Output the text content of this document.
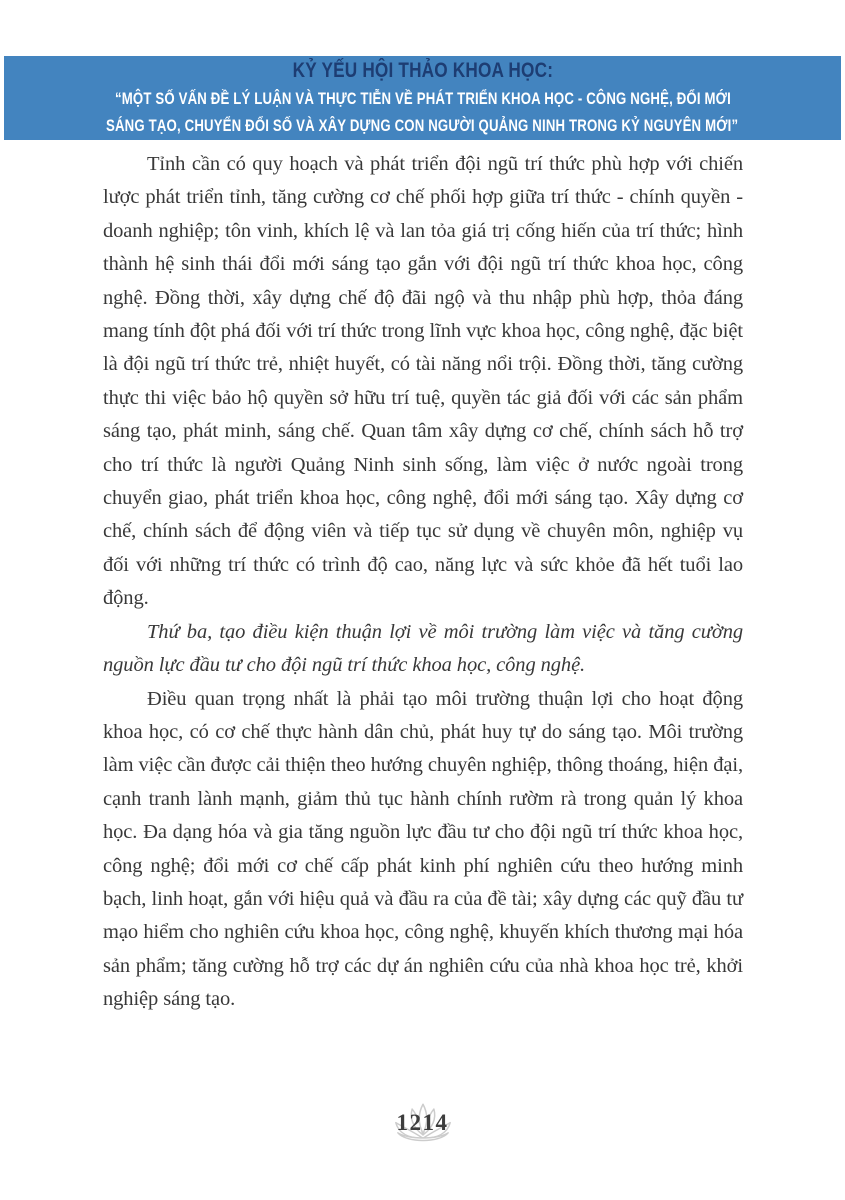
KỶ YẾU HỘI THẢO KHOA HỌC:
“MỘT SỐ VẤN ĐỀ LÝ LUẬN VÀ THỰC TIỄN VỀ PHÁT TRIỂN KHOA HỌC - CÔNG NGHỆ, ĐỔI MỚI
SÁNG TẠO, CHUYỂN ĐỔI SỐ VÀ XÂY DỰNG CON NGƯỜI QUẢNG NINH TRONG KỶ NGUYÊN MỚI”

Tỉnh cần có quy hoạch và phát triển đội ngũ trí thức phù hợp với chiến lược phát triển tỉnh, tăng cường cơ chế phối hợp giữa trí thức - chính quyền - doanh nghiệp; tôn vinh, khích lệ và lan tỏa giá trị cống hiến của trí thức; hình thành hệ sinh thái đổi mới sáng tạo gắn với đội ngũ trí thức khoa học, công nghệ. Đồng thời, xây dựng chế độ đãi ngộ và thu nhập phù hợp, thỏa đáng mang tính đột phá đối với trí thức trong lĩnh vực khoa học, công nghệ, đặc biệt là đội ngũ trí thức trẻ, nhiệt huyết, có tài năng nổi trội. Đồng thời, tăng cường thực thi việc bảo hộ quyền sở hữu trí tuệ, quyền tác giả đối với các sản phẩm sáng tạo, phát minh, sáng chế. Quan tâm xây dựng cơ chế, chính sách hỗ trợ cho trí thức là người Quảng Ninh sinh sống, làm việc ở nước ngoài trong chuyển giao, phát triển khoa học, công nghệ, đổi mới sáng tạo. Xây dựng cơ chế, chính sách để động viên và tiếp tục sử dụng về chuyên môn, nghiệp vụ đối với những trí thức có trình độ cao, năng lực và sức khỏe đã hết tuổi lao động.

Thứ ba, tạo điều kiện thuận lợi về môi trường làm việc và tăng cường nguồn lực đầu tư cho đội ngũ trí thức khoa học, công nghệ.

Điều quan trọng nhất là phải tạo môi trường thuận lợi cho hoạt động khoa học, có cơ chế thực hành dân chủ, phát huy tự do sáng tạo. Môi trường làm việc cần được cải thiện theo hướng chuyên nghiệp, thông thoáng, hiện đại, cạnh tranh lành mạnh, giảm thủ tục hành chính rườm rà trong quản lý khoa học. Đa dạng hóa và gia tăng nguồn lực đầu tư cho đội ngũ trí thức khoa học, công nghệ; đổi mới cơ chế cấp phát kinh phí nghiên cứu theo hướng minh bạch, linh hoạt, gắn với hiệu quả và đầu ra của đề tài; xây dựng các quỹ đầu tư mạo hiểm cho nghiên cứu khoa học, công nghệ, khuyến khích thương mại hóa sản phẩm; tăng cường hỗ trợ các dự án nghiên cứu của nhà khoa học trẻ, khởi nghiệp sáng tạo.

1214
